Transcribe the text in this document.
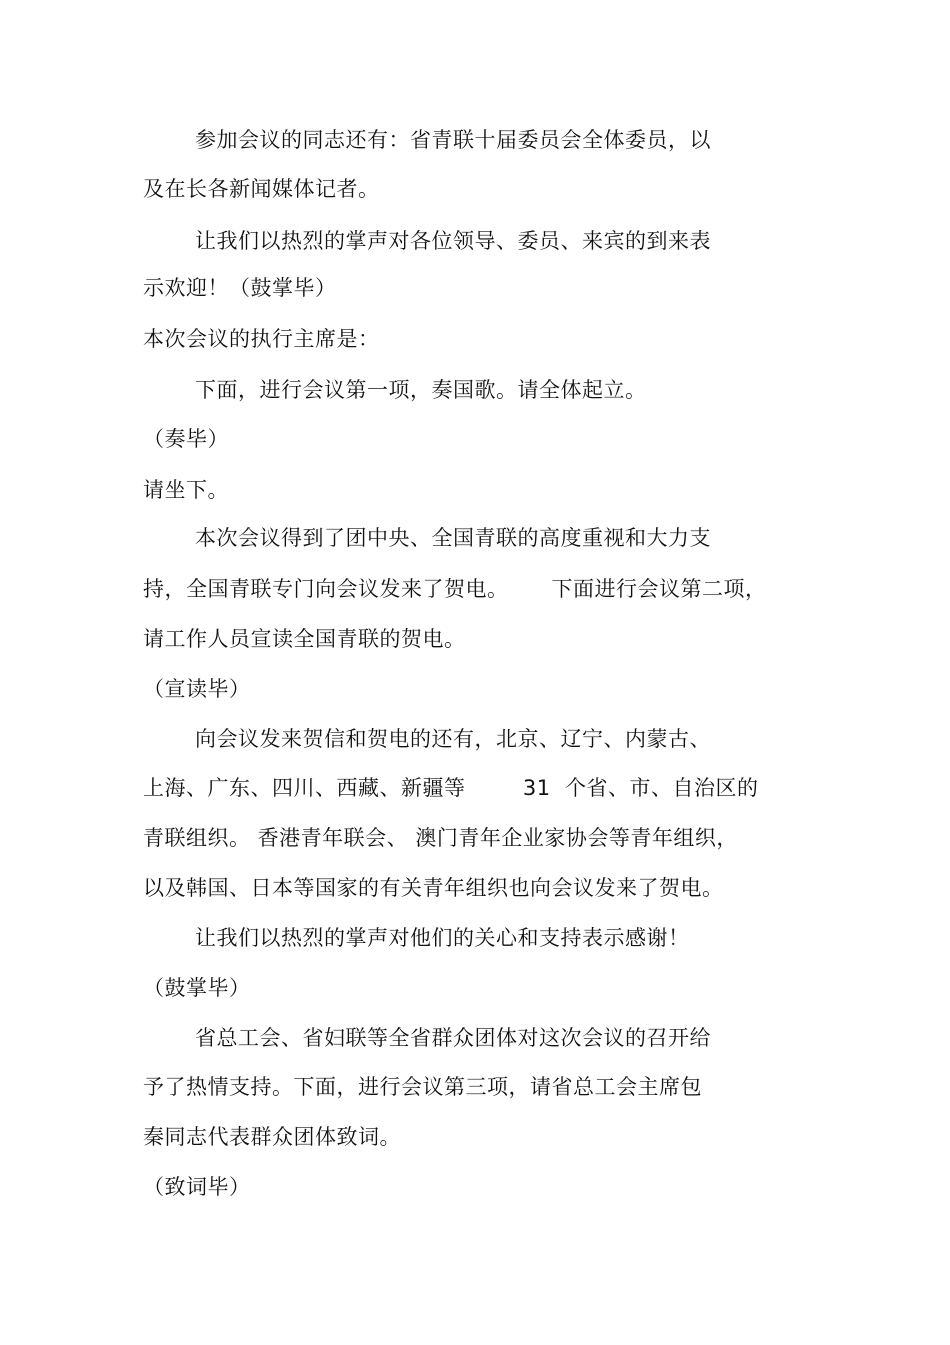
参加会议的同志还有：省青联十届委员会全体委员，以
及在长各新闻媒体记者。
让我们以热烈的掌声对各位领导、委员、来宾的到来表
示欢迎！（鼓掌毕）
本次会议的执行主席是：
下面，进行会议第一项，奏国歌。请全体起立。
（奏毕）
请坐下。
本次会议得到了团中央、全国青联的高度重视和大力支
持，全国青联专门向会议发来了贺电。      下面进行会议第二项，
请工作人员宣读全国青联的贺电。
（宣读毕）
向会议发来贺信和贺电的还有，北京、辽宁、内蒙古、
上海、广东、四川、西藏、新疆等        31  个省、市、自治区的
青联组织。 香港青年联会、 澳门青年企业家协会等青年组织，
以及韩国、日本等国家的有关青年组织也向会议发来了贺电。
让我们以热烈的掌声对他们的关心和支持表示感谢！
（鼓掌毕）
省总工会、省妇联等全省群众团体对这次会议的召开给
予了热情支持。下面，进行会议第三项，请省总工会主席包
秦同志代表群众团体致词。
（致词毕）
